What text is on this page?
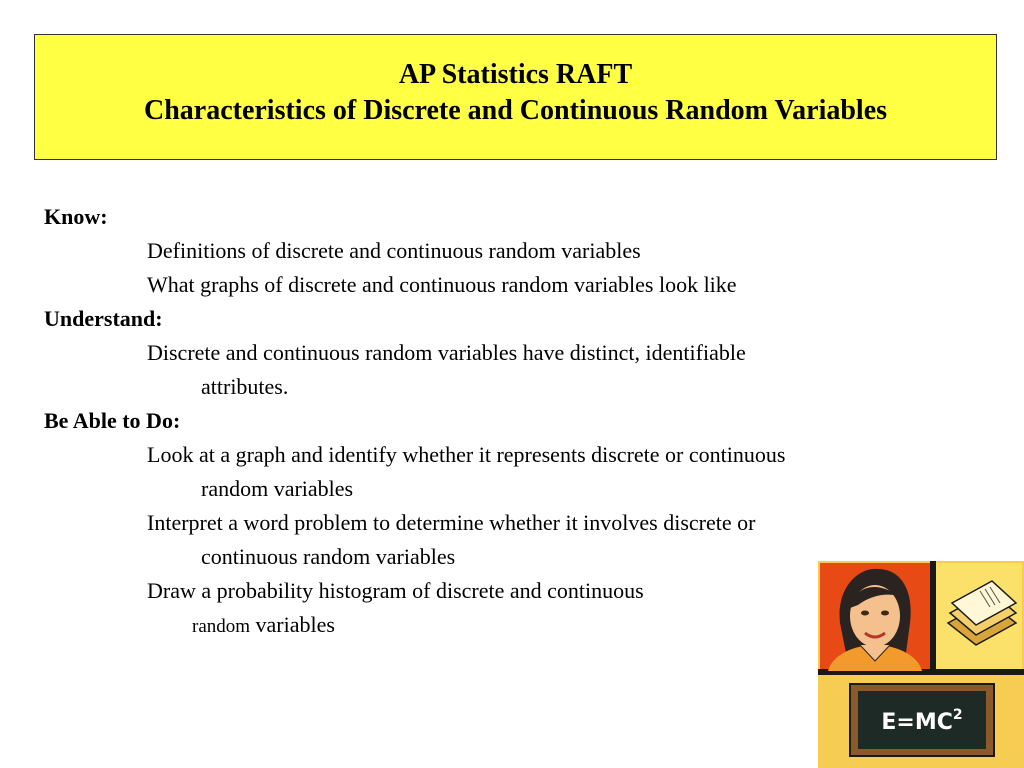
AP Statistics RAFT
Characteristics of Discrete and Continuous Random Variables
Know:
Definitions of discrete and continuous random variables
What graphs of discrete and continuous random variables look like
Understand:
Discrete and continuous random variables have distinct, identifiable
attributes.
Be Able to Do:
Look at a graph and identify whether it represents discrete or continuous
random variables
Interpret a word problem to determine whether it involves discrete or
continuous random variables
Draw a probability histogram of discrete and continuous
random variables
$E=MC^2$
